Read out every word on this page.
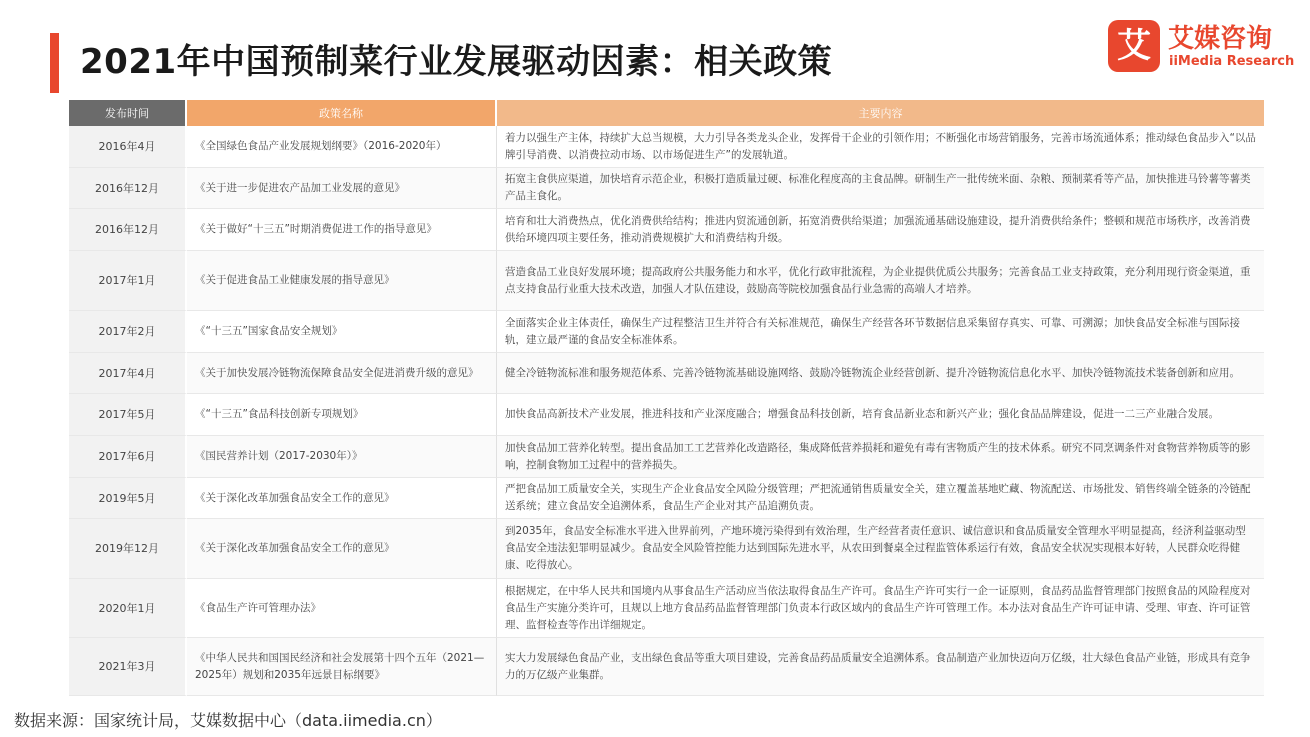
2021年中国预制菜行业发展驱动因素：相关政策	艾 艾媒咨询
iiMedia Research
发布时间	政策名称	主要内容
2016年4月	《全国绿色食品产业发展规划纲要》（2016-2020年）	着力以强生产主体，持续扩大总当规模，大力引导各类龙头企业，发挥骨干企业的引领作用；不断强化市场营销服务，完善市场流通体系；推动绿色食品步入“以品牌引导消费、以消费拉动市场、以市场促进生产”的发展轨道。
2016年12月	《关于进一步促进农产品加工业发展的意见》	拓宽主食供应渠道，加快培育示范企业，积极打造质量过硬、标准化程度高的主食品牌。研制生产一批传统米面、杂粮、预制菜肴等产品，加快推进马铃薯等薯类产品主食化。
2016年12月	《关于做好“十三五”时期消费促进工作的指导意见》	培育和壮大消费热点，优化消费供给结构；推进内贸流通创新，拓宽消费供给渠道；加强流通基础设施建设，提升消费供给条件；整顿和规范市场秩序，改善消费供给环境四项主要任务，推动消费规模扩大和消费结构升级。
2017年1月	《关于促进食品工业健康发展的指导意见》	营造食品工业良好发展环境；提高政府公共服务能力和水平，优化行政审批流程，为企业提供优质公共服务；完善食品工业支持政策，充分利用现行资金渠道，重点支持食品行业重大技术改造，加强人才队伍建设，鼓励高等院校加强食品行业急需的高端人才培养。
2017年2月	《“十三五”国家食品安全规划》	全面落实企业主体责任，确保生产过程整洁卫生并符合有关标准规范，确保生产经营各环节数据信息采集留存真实、可靠、可溯源；加快食品安全标准与国际接轨，建立最严谨的食品安全标准体系。
2017年4月	《关于加快发展冷链物流保障食品安全促进消费升级的意见》	健全冷链物流标准和服务规范体系、完善冷链物流基础设施网络、鼓励冷链物流企业经营创新、提升冷链物流信息化水平、加快冷链物流技术装备创新和应用。
2017年5月	《“十三五”食品科技创新专项规划》	加快食品高新技术产业发展，推进科技和产业深度融合；增强食品科技创新，培育食品新业态和新兴产业；强化食品品牌建设，促进一二三产业融合发展。
2017年6月	《国民营养计划（2017-2030年）》	加快食品加工营养化转型。提出食品加工工艺营养化改造路径，集成降低营养损耗和避免有毒有害物质产生的技术体系。研究不同烹调条件对食物营养物质等的影响，控制食物加工过程中的营养损失。
2019年5月	《关于深化改革加强食品安全工作的意见》	严把食品加工质量安全关，实现生产企业食品安全风险分级管理；严把流通销售质量安全关，建立覆盖基地贮藏、物流配送、市场批发、销售终端全链条的冷链配送系统；建立食品安全追溯体系，食品生产企业对其产品追溯负责。
2019年12月	《关于深化改革加强食品安全工作的意见》	到2035年，食品安全标准水平进入世界前列，产地环境污染得到有效治理，生产经营者责任意识、诚信意识和食品质量安全管理水平明显提高，经济利益驱动型食品安全违法犯罪明显减少。食品安全风险管控能力达到国际先进水平，从农田到餐桌全过程监管体系运行有效，食品安全状况实现根本好转，人民群众吃得健康、吃得放心。
2020年1月	《食品生产许可管理办法》	根据规定，在中华人民共和国境内从事食品生产活动应当依法取得食品生产许可。食品生产许可实行一企一证原则，食品药品监督管理部门按照食品的风险程度对食品生产实施分类许可，且规以上地方食品药品监督管理部门负责本行政区域内的食品生产许可管理工作。本办法对食品生产许可证申请、受理、审查、许可证管理、监督检查等作出详细规定。
2021年3月	《中华人民共和国国民经济和社会发展第十四个五年（2021—2025年）规划和2035年远景目标纲要》	实大力发展绿色食品产业，支出绿色食品等重大项目建设，完善食品药品质量安全追溯体系。食品制造产业加快迈向万亿级，壮大绿色食品产业链，形成具有竞争力的万亿级产业集群。
数据来源：国家统计局，艾媒数据中心（data.iimedia.cn）
